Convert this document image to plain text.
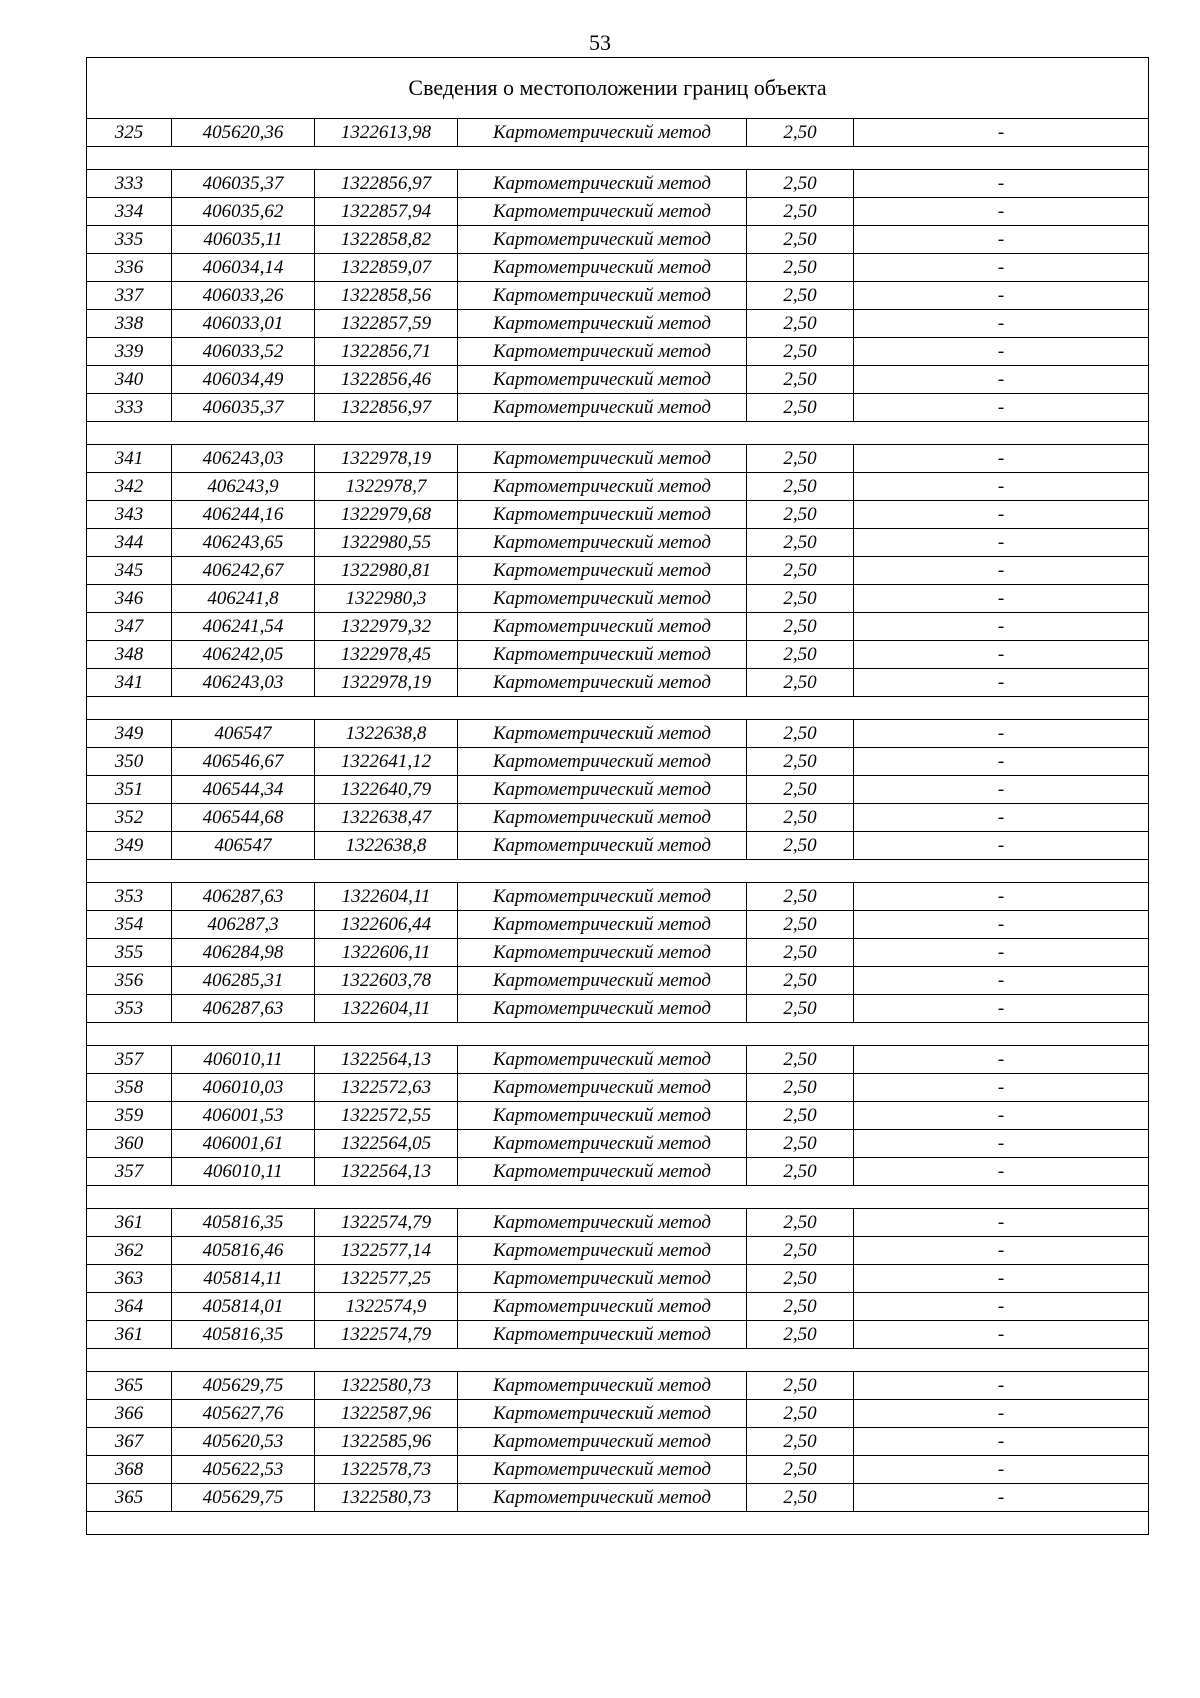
53
Сведения о местоположении границ объекта					
325	405620,36	1322613,98	Картометрический метод	2,50	-

333	406035,37	1322856,97	Картометрический метод	2,50	-
334	406035,62	1322857,94	Картометрический метод	2,50	-
335	406035,11	1322858,82	Картометрический метод	2,50	-
336	406034,14	1322859,07	Картометрический метод	2,50	-
337	406033,26	1322858,56	Картометрический метод	2,50	-
338	406033,01	1322857,59	Картометрический метод	2,50	-
339	406033,52	1322856,71	Картометрический метод	2,50	-
340	406034,49	1322856,46	Картометрический метод	2,50	-
333	406035,37	1322856,97	Картометрический метод	2,50	-

341	406243,03	1322978,19	Картометрический метод	2,50	-
342	406243,9	1322978,7	Картометрический метод	2,50	-
343	406244,16	1322979,68	Картометрический метод	2,50	-
344	406243,65	1322980,55	Картометрический метод	2,50	-
345	406242,67	1322980,81	Картометрический метод	2,50	-
346	406241,8	1322980,3	Картометрический метод	2,50	-
347	406241,54	1322979,32	Картометрический метод	2,50	-
348	406242,05	1322978,45	Картометрический метод	2,50	-
341	406243,03	1322978,19	Картометрический метод	2,50	-

349	406547	1322638,8	Картометрический метод	2,50	-
350	406546,67	1322641,12	Картометрический метод	2,50	-
351	406544,34	1322640,79	Картометрический метод	2,50	-
352	406544,68	1322638,47	Картометрический метод	2,50	-
349	406547	1322638,8	Картометрический метод	2,50	-

353	406287,63	1322604,11	Картометрический метод	2,50	-
354	406287,3	1322606,44	Картометрический метод	2,50	-
355	406284,98	1322606,11	Картометрический метод	2,50	-
356	406285,31	1322603,78	Картометрический метод	2,50	-
353	406287,63	1322604,11	Картометрический метод	2,50	-

357	406010,11	1322564,13	Картометрический метод	2,50	-
358	406010,03	1322572,63	Картометрический метод	2,50	-
359	406001,53	1322572,55	Картометрический метод	2,50	-
360	406001,61	1322564,05	Картометрический метод	2,50	-
357	406010,11	1322564,13	Картометрический метод	2,50	-

361	405816,35	1322574,79	Картометрический метод	2,50	-
362	405816,46	1322577,14	Картометрический метод	2,50	-
363	405814,11	1322577,25	Картометрический метод	2,50	-
364	405814,01	1322574,9	Картометрический метод	2,50	-
361	405816,35	1322574,79	Картометрический метод	2,50	-

365	405629,75	1322580,73	Картометрический метод	2,50	-
366	405627,76	1322587,96	Картометрический метод	2,50	-
367	405620,53	1322585,96	Картометрический метод	2,50	-
368	405622,53	1322578,73	Картометрический метод	2,50	-
365	405629,75	1322580,73	Картометрический метод	2,50	-
